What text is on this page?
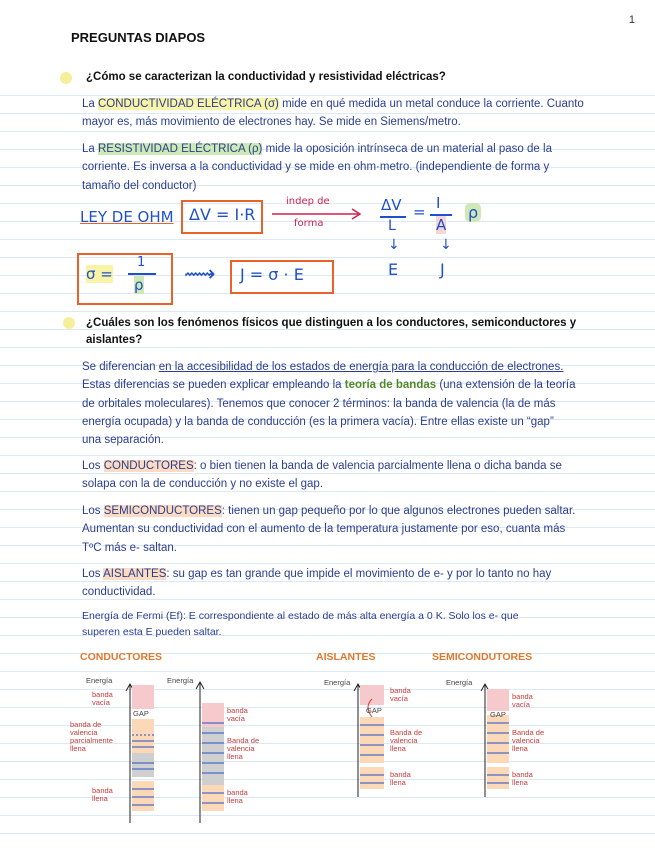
1
PREGUNTAS DIAPOS
¿Cómo se caracterizan la conductividad y resistividad eléctricas?
La CONDUCTIVIDAD ELÉCTRICA (σ) mide en qué medida un metal conduce la corriente. Cuanto
mayor es, más movimiento de electrones hay. Se mide en Siemens/metro.
La RESISTIVIDAD ELÉCTRICA (ρ) mide la oposición intrínseca de un material al paso de la
corriente. Es inversa a la conductividad y se mide en ohm·metro. (independiente de forma y
tamaño del conductor)
LEY DE OHM ΔV = I·R
indep de
forma
ΔV
L
= I
A
ρ
↓	↓
E	J
σ =
1
ρ ⟿ J = σ · E
¿Cuáles son los fenómenos físicos que distinguen a los conductores, semiconductores y
aislantes?
Se diferencian en la accesibilidad de los estados de energía para la conducción de electrones.
Estas diferencias se pueden explicar empleando la teoría de bandas (una extensión de la teoría
de orbitales moleculares). Tenemos que conocer 2 términos: la banda de valencia (la de más
energía ocupada) y la banda de conducción (es la primera vacía). Entre ellas existe un “gap”
una separación.
Los CONDUCTORES: o bien tienen la banda de valencia parcialmente llena o dicha banda se
solapa con la de conducción y no existe el gap.
Los SEMICONDUCTORES: tienen un gap pequeño por lo que algunos electrones pueden saltar.
Aumentan su conductividad con el aumento de la temperatura justamente por eso, cuanta más
TºC más e- saltan.
Los AISLANTES: su gap es tan grande que impide el movimiento de e- y por lo tanto no hay
conductividad.
Energía de Fermi (Ef): E correspondiente al estado de más alta energía a 0 K. Solo los e- que
superen esta E pueden saltar.
CONDUCTORES	AISLANTES	SEMICONDUTORES
Energía
banda vacía
GAP
banda de valencia parcialmente llena
banda llena
Energía
banda vacía
Banda de valencia llena
banda llena
Energía
banda vacía
GAP
Banda de valencia llena
banda llena
Energía
banda vacía
GAP
Banda de valencia llena
banda llena
